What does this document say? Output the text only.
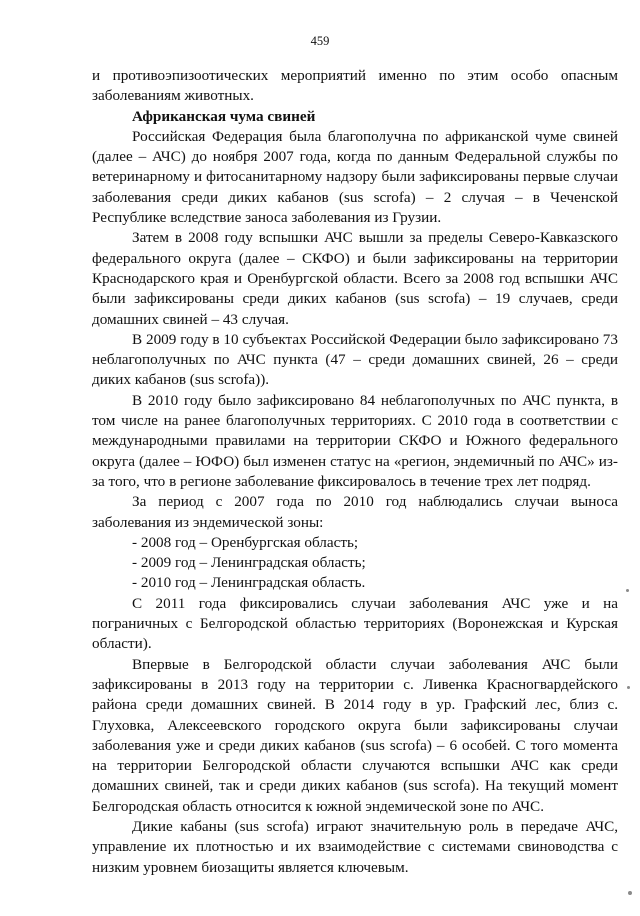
459

и противоэпизоотических мероприятий именно по этим особо опасным заболеваниям животных.

Африканская чума свиней

Российская Федерация была благополучна по африканской чуме свиней (далее – АЧС) до ноября 2007 года, когда по данным Федеральной службы по ветеринарному и фитосанитарному надзору были зафиксированы первые случаи заболевания среди диких кабанов (sus scrofa) – 2 случая – в Чеченской Республике вследствие заноса заболевания из Грузии.

Затем в 2008 году вспышки АЧС вышли за пределы Северо-Кавказского федерального округа (далее – СКФО) и были зафиксированы на территории Краснодарского края и Оренбургской области. Всего за 2008 год вспышки АЧС были зафиксированы среди диких кабанов (sus scrofa) – 19 случаев, среди домашних свиней – 43 случая.

В 2009 году в 10 субъектах Российской Федерации было зафиксировано 73 неблагополучных по АЧС пункта (47 – среди домашних свиней, 26 – среди диких кабанов (sus scrofa)).

В 2010 году было зафиксировано 84 неблагополучных по АЧС пункта, в том числе на ранее благополучных территориях. С 2010 года в соответствии с международными правилами на территории СКФО и Южного федерального округа (далее – ЮФО) был изменен статус на «регион, эндемичный по АЧС» из-за того, что в регионе заболевание фиксировалось в течение трех лет подряд.

За период с 2007 года по 2010 год наблюдались случаи выноса заболевания из эндемической зоны:

- 2008 год – Оренбургская область;
- 2009 год – Ленинградская область;
- 2010 год – Ленинградская область.

С 2011 года фиксировались случаи заболевания АЧС уже и на пограничных с Белгородской областью территориях (Воронежская и Курская области).

Впервые в Белгородской области случаи заболевания АЧС были зафиксированы в 2013 году на территории с. Ливенка Красногвардейского района среди домашних свиней. В 2014 году в ур. Графский лес, близ с. Глуховка, Алексеевского городского округа были зафиксированы случаи заболевания уже и среди диких кабанов (sus scrofa) – 6 особей. С того момента на территории Белгородской области случаются вспышки АЧС как среди домашних свиней, так и среди диких кабанов (sus scrofa). На текущий момент Белгородская область относится к южной эндемической зоне по АЧС.

Дикие кабаны (sus scrofa) играют значительную роль в передаче АЧС, управление их плотностью и их взаимодействие с системами свиноводства с низким уровнем биозащиты является ключевым.
